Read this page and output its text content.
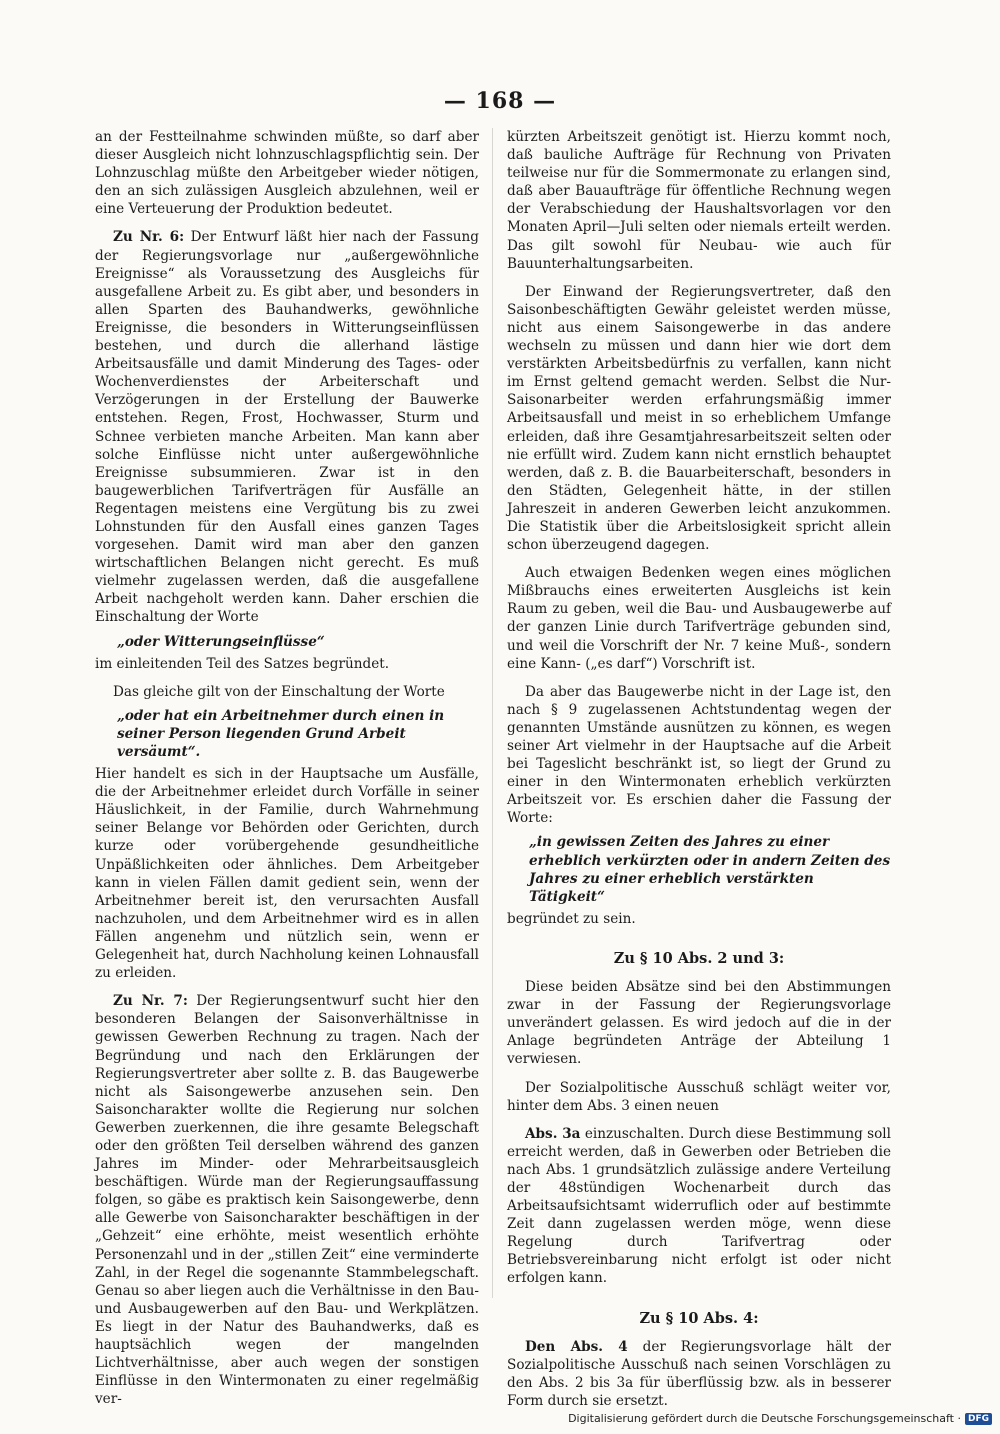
— 168 —

an der Festteilnahme schwinden müßte, so darf aber dieser Ausgleich nicht lohnzuschlagspflichtig sein. Der Lohnzuschlag müßte den Arbeitgeber wieder nötigen, den an sich zulässigen Ausgleich abzulehnen, weil er eine Verteuerung der Produktion bedeutet.

Zu Nr. 6: Der Entwurf läßt hier nach der Fassung der Regierungsvorlage nur „außergewöhnliche Ereignisse“ als Voraussetzung des Ausgleichs für ausgefallene Arbeit zu. Es gibt aber, und besonders in allen Sparten des Bauhandwerks, gewöhnliche Ereignisse, die besonders in Witterungseinflüssen bestehen, und durch die allerhand lästige Arbeitsausfälle und damit Minderung des Tages- oder Wochenverdienstes der Arbeiterschaft und Verzögerungen in der Erstellung der Bauwerke entstehen. Regen, Frost, Hochwasser, Sturm und Schnee verbieten manche Arbeiten. Man kann aber solche Einflüsse nicht unter außergewöhnliche Ereignisse subsummieren. Zwar ist in den baugewerblichen Tarifverträgen für Ausfälle an Regentagen meistens eine Vergütung bis zu zwei Lohnstunden für den Ausfall eines ganzen Tages vorgesehen. Damit wird man aber den ganzen wirtschaftlichen Belangen nicht gerecht. Es muß vielmehr zugelassen werden, daß die ausgefallene Arbeit nachgeholt werden kann. Daher erschien die Einschaltung der Worte

„oder Witterungseinflüsse“

im einleitenden Teil des Satzes begründet.

Das gleiche gilt von der Einschaltung der Worte

„oder hat ein Arbeitnehmer durch einen in seiner Person liegenden Grund Arbeit versäumt“.

Hier handelt es sich in der Hauptsache um Ausfälle, die der Arbeitnehmer erleidet durch Vorfälle in seiner Häuslichkeit, in der Familie, durch Wahrnehmung seiner Belange vor Behörden oder Gerichten, durch kurze oder vorübergehende gesundheitliche Unpäßlichkeiten oder ähnliches. Dem Arbeitgeber kann in vielen Fällen damit gedient sein, wenn der Arbeitnehmer bereit ist, den verursachten Ausfall nachzuholen, und dem Arbeitnehmer wird es in allen Fällen angenehm und nützlich sein, wenn er Gelegenheit hat, durch Nachholung keinen Lohnausfall zu erleiden.

Zu Nr. 7: Der Regierungsentwurf sucht hier den besonderen Belangen der Saisonverhältnisse in gewissen Gewerben Rechnung zu tragen. Nach der Begründung und nach den Erklärungen der Regierungsvertreter aber sollte z. B. das Baugewerbe nicht als Saisongewerbe anzusehen sein. Den Saisoncharakter wollte die Regierung nur solchen Gewerben zuerkennen, die ihre gesamte Belegschaft oder den größten Teil derselben während des ganzen Jahres im Minder- oder Mehrarbeitsausgleich beschäftigen. Würde man der Regierungsauffassung folgen, so gäbe es praktisch kein Saisongewerbe, denn alle Gewerbe von Saisoncharakter beschäftigen in der „Gehzeit“ eine erhöhte, meist wesentlich erhöhte Personenzahl und in der „stillen Zeit“ eine verminderte Zahl, in der Regel die sogenannte Stammbelegschaft. Genau so aber liegen auch die Verhältnisse in den Bau- und Ausbaugewerben auf den Bau- und Werkplätzen. Es liegt in der Natur des Bauhandwerks, daß es hauptsächlich wegen der mangelnden Lichtverhältnisse, aber auch wegen der sonstigen Einflüsse in den Wintermonaten zu einer regelmäßig ver-

kürzten Arbeitszeit genötigt ist. Hierzu kommt noch, daß bauliche Aufträge für Rechnung von Privaten teilweise nur für die Sommermonate zu erlangen sind, daß aber Bauaufträge für öffentliche Rechnung wegen der Verabschiedung der Haushaltsvorlagen vor den Monaten April—Juli selten oder niemals erteilt werden. Das gilt sowohl für Neubau- wie auch für Bauunterhaltungsarbeiten.

Der Einwand der Regierungsvertreter, daß den Saisonbeschäftigten Gewähr geleistet werden müsse, nicht aus einem Saisongewerbe in das andere wechseln zu müssen und dann hier wie dort dem verstärkten Arbeitsbedürfnis zu verfallen, kann nicht im Ernst geltend gemacht werden. Selbst die Nur-Saisonarbeiter werden erfahrungsmäßig immer Arbeitsausfall und meist in so erheblichem Umfange erleiden, daß ihre Gesamtjahresarbeitszeit selten oder nie erfüllt wird. Zudem kann nicht ernstlich behauptet werden, daß z. B. die Bauarbeiterschaft, besonders in den Städten, Gelegenheit hätte, in der stillen Jahreszeit in anderen Gewerben leicht anzukommen. Die Statistik über die Arbeitslosigkeit spricht allein schon überzeugend dagegen.

Auch etwaigen Bedenken wegen eines möglichen Mißbrauchs eines erweiterten Ausgleichs ist kein Raum zu geben, weil die Bau- und Ausbaugewerbe auf der ganzen Linie durch Tarifverträge gebunden sind, und weil die Vorschrift der Nr. 7 keine Muß-, sondern eine Kann- („es darf“) Vorschrift ist.

Da aber das Baugewerbe nicht in der Lage ist, den nach § 9 zugelassenen Achtstundentag wegen der genannten Umstände ausnützen zu können, es wegen seiner Art vielmehr in der Hauptsache auf die Arbeit bei Tageslicht beschränkt ist, so liegt der Grund zu einer in den Wintermonaten erheblich verkürzten Arbeitszeit vor. Es erschien daher die Fassung der Worte:

„in gewissen Zeiten des Jahres zu einer erheblich verkürzten oder in andern Zeiten des Jahres zu einer erheblich verstärkten Tätigkeit“

begründet zu sein.

Zu § 10 Abs. 2 und 3:

Diese beiden Absätze sind bei den Abstimmungen zwar in der Fassung der Regierungsvorlage unverändert gelassen. Es wird jedoch auf die in der Anlage begründeten Anträge der Abteilung 1 verwiesen.

Der Sozialpolitische Ausschuß schlägt weiter vor, hinter dem Abs. 3 einen neuen

Abs. 3a einzuschalten. Durch diese Bestimmung soll erreicht werden, daß in Gewerben oder Betrieben die nach Abs. 1 grundsätzlich zulässige andere Verteilung der 48stündigen Wochenarbeit durch das Arbeitsaufsichtsamt widerruflich oder auf bestimmte Zeit dann zugelassen werden möge, wenn diese Regelung durch Tarifvertrag oder Betriebsvereinbarung nicht erfolgt ist oder nicht erfolgen kann.

Zu § 10 Abs. 4:

Den Abs. 4 der Regierungsvorlage hält der Sozialpolitische Ausschuß nach seinen Vorschlägen zu den Abs. 2 bis 3a für überflüssig bzw. als in besserer Form durch sie ersetzt.

Digitalisierung gefördert durch die Deutsche Forschungsgemeinschaft · DFG
